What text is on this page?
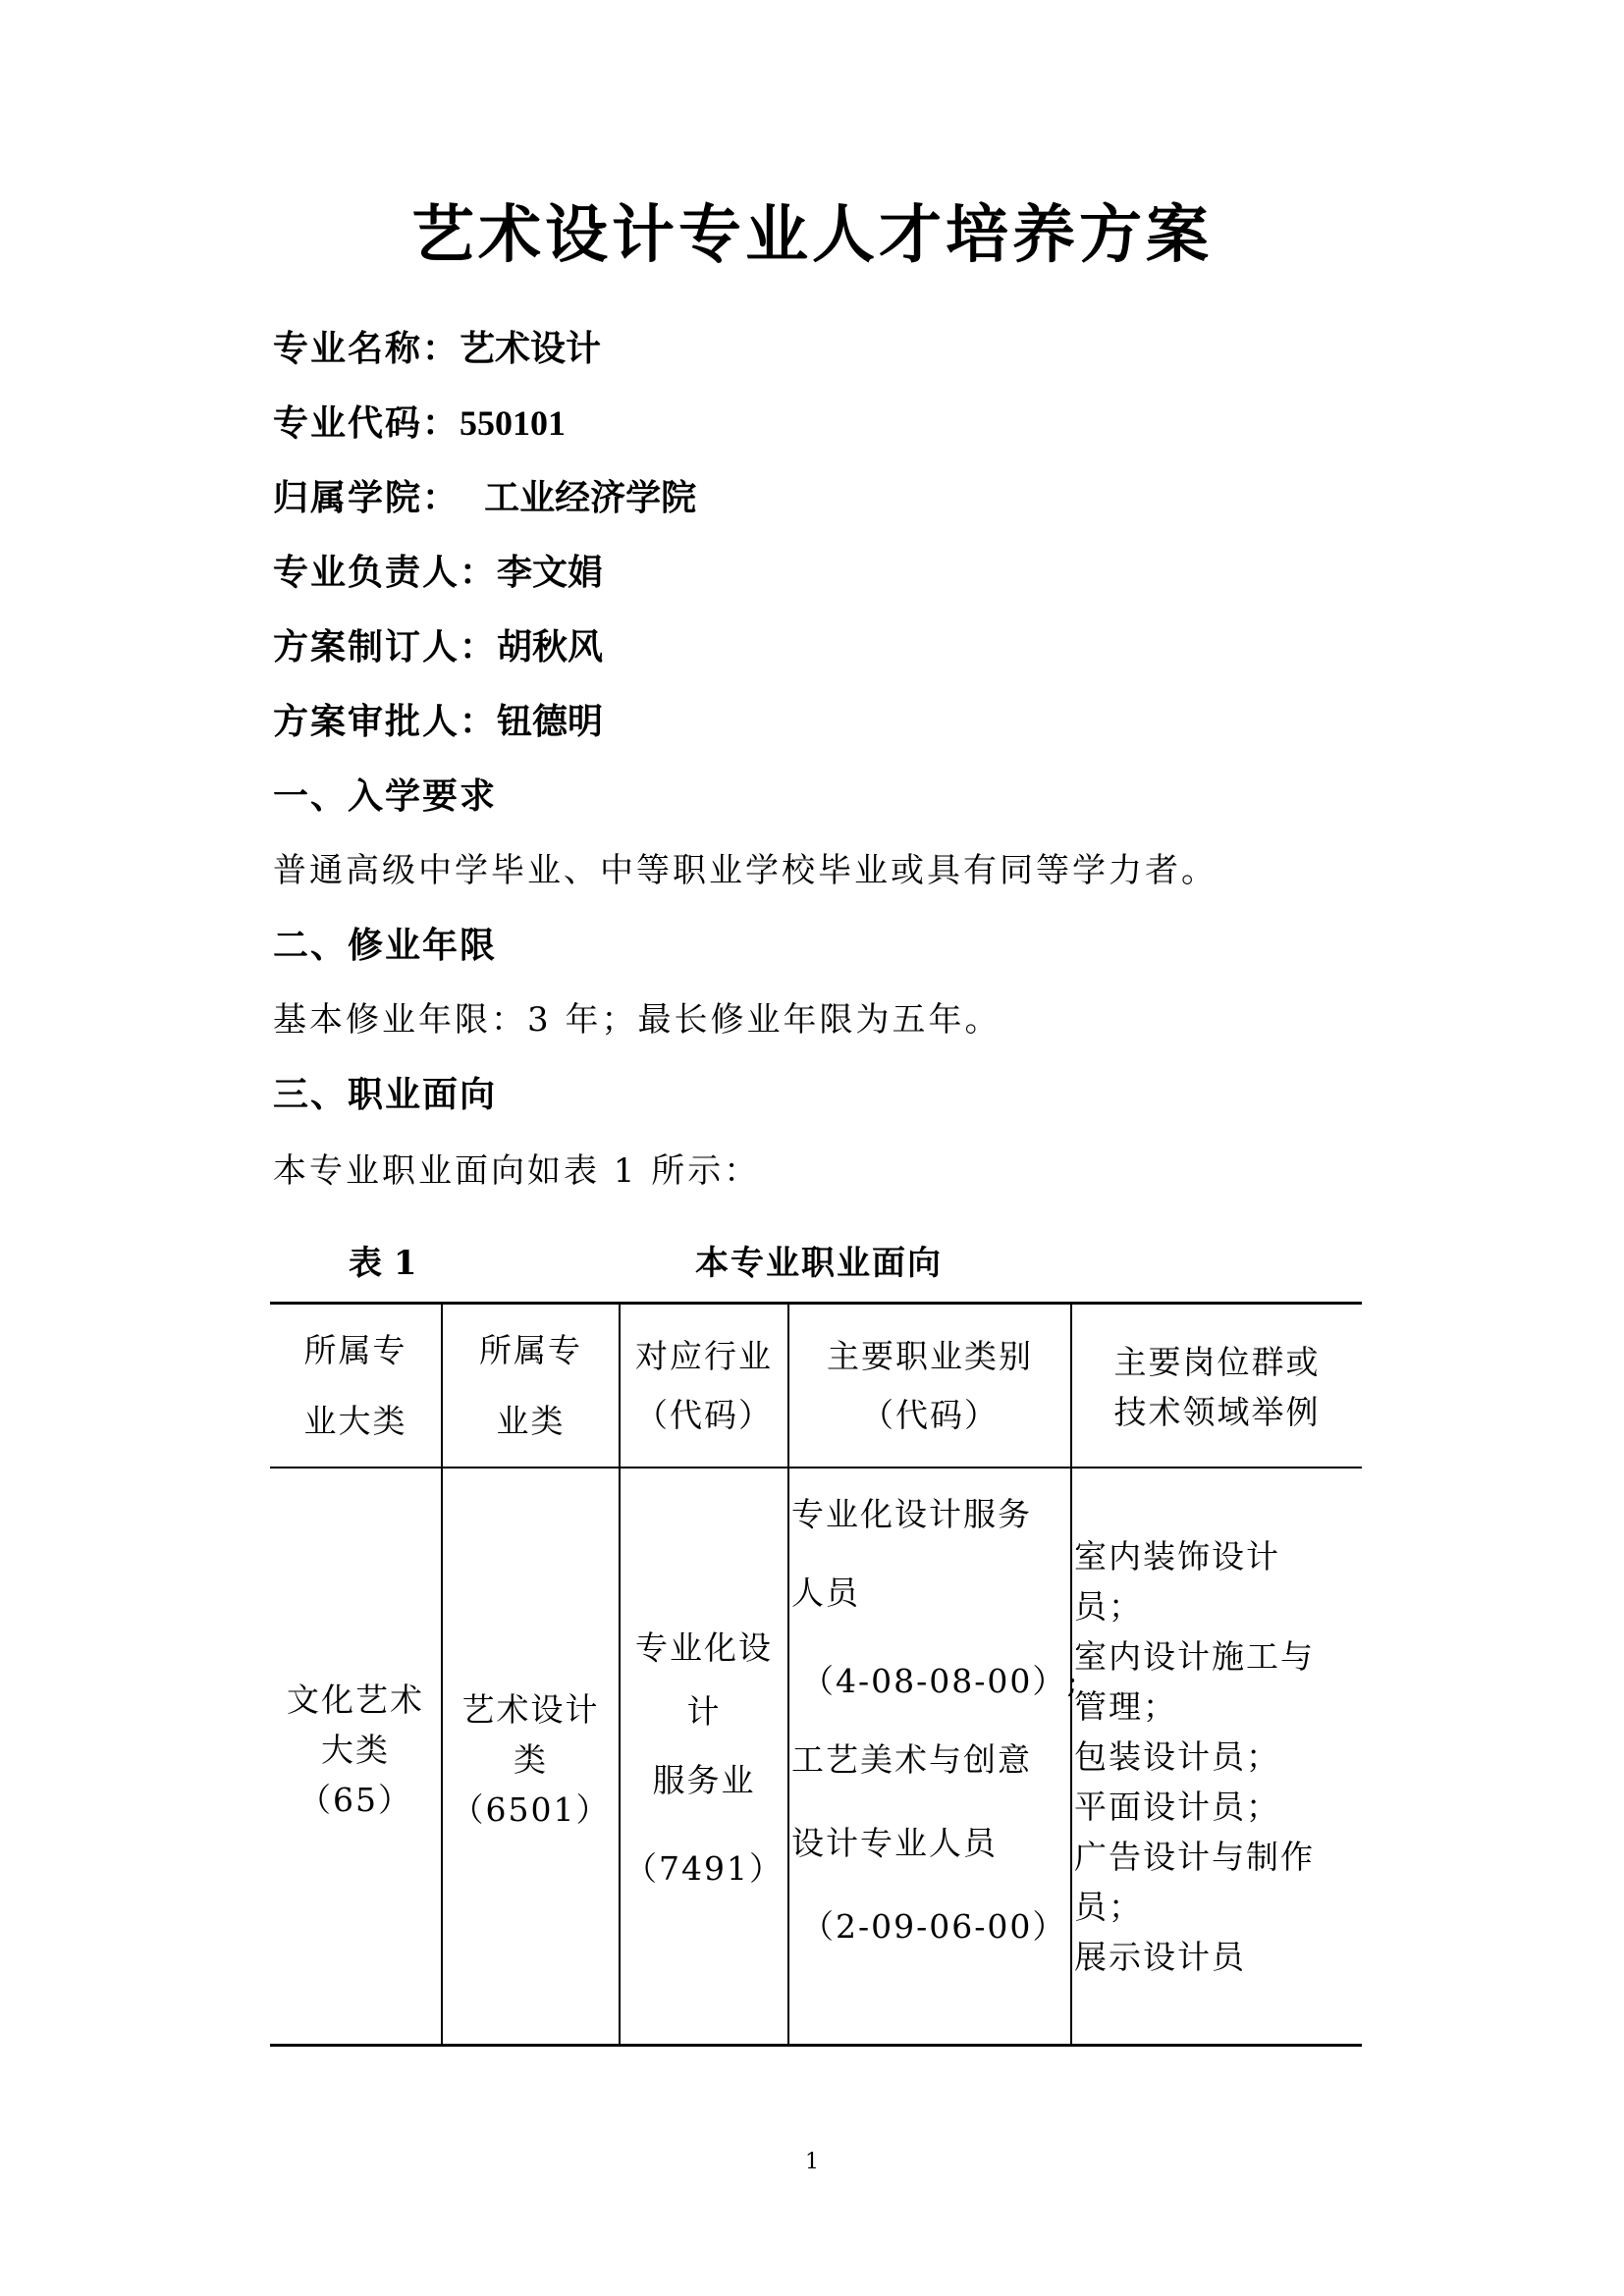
艺术设计专业人才培养方案
专业名称：艺术设计
专业代码：550101
归属学院：  工业经济学院
专业负责人：李文娟
方案制订人：胡秋风
方案审批人：钮德明
一、入学要求
普通高级中学毕业、中等职业学校毕业或具有同等学力者。
二、修业年限
基本修业年限：3 年；最长修业年限为五年。
三、职业面向
本专业职业面向如表 1 所示：
表 1	本专业职业面向
所属专
业大类
所属专
业类
对应行业
（代码）
主要职业类别
（代码）
主要岗位群或
技术领域举例
文化艺术
大类
（65）
艺术设计
类
（6501）
专业化设
计
服务业
（7491）
专业化设计服务
人员
（4-08-08-00）;
工艺美术与创意
设计专业人员
（2-09-06-00）
室内装饰设计
员；
室内设计施工与
管理；
包装设计员；
平面设计员；
广告设计与制作
员；
展示设计员
1
